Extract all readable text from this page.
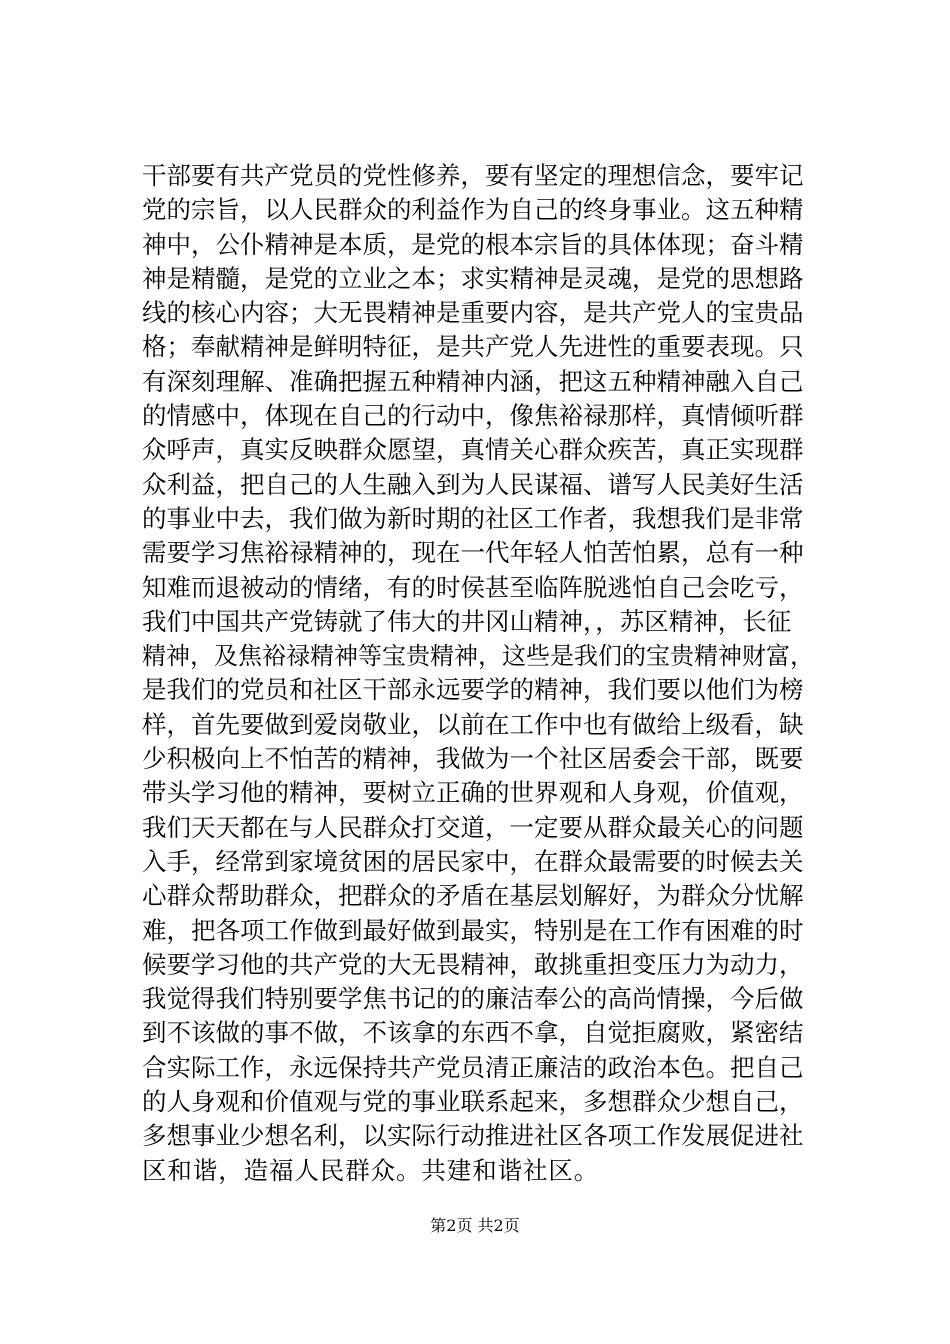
干部要有共产党员的党性修养，要有坚定的理想信念，要牢记
党的宗旨，以人民群众的利益作为自己的终身事业。这五种精
神中，公仆精神是本质，是党的根本宗旨的具体体现；奋斗精
神是精髓，是党的立业之本；求实精神是灵魂，是党的思想路
线的核心内容；大无畏精神是重要内容，是共产党人的宝贵品
格；奉献精神是鲜明特征，是共产党人先进性的重要表现。只
有深刻理解、准确把握五种精神内涵，把这五种精神融入自己
的情感中，体现在自己的行动中，像焦裕禄那样，真情倾听群
众呼声，真实反映群众愿望，真情关心群众疾苦，真正实现群
众利益，把自己的人生融入到为人民谋福、谱写人民美好生活
的事业中去，我们做为新时期的社区工作者，我想我们是非常
需要学习焦裕禄精神的，现在一代年轻人怕苦怕累，总有一种
知难而退被动的情绪，有的时侯甚至临阵脱逃怕自己会吃亏，
我们中国共产党铸就了伟大的井冈山精神，，苏区精神，长征
精神，及焦裕禄精神等宝贵精神，这些是我们的宝贵精神财富，
是我们的党员和社区干部永远要学的精神，我们要以他们为榜
样，首先要做到爱岗敬业，以前在工作中也有做给上级看，缺
少积极向上不怕苦的精神，我做为一个社区居委会干部，既要
带头学习他的精神，要树立正确的世界观和人身观，价值观，
我们天天都在与人民群众打交道，一定要从群众最关心的问题
入手，经常到家境贫困的居民家中，在群众最需要的时候去关
心群众帮助群众，把群众的矛盾在基层划解好，为群众分忧解
难，把各项工作做到最好做到最实，特别是在工作有困难的时
候要学习他的共产党的大无畏精神，敢挑重担变压力为动力，
我觉得我们特别要学焦书记的的廉洁奉公的高尚情操，今后做
到不该做的事不做，不该拿的东西不拿，自觉拒腐败，紧密结
合实际工作，永远保持共产党员清正廉洁的政治本色。把自己
的人身观和价值观与党的事业联系起来，多想群众少想自己，
多想事业少想名利，以实际行动推进社区各项工作发展促进社
区和谐，造福人民群众。共建和谐社区。
第2页 共2页
